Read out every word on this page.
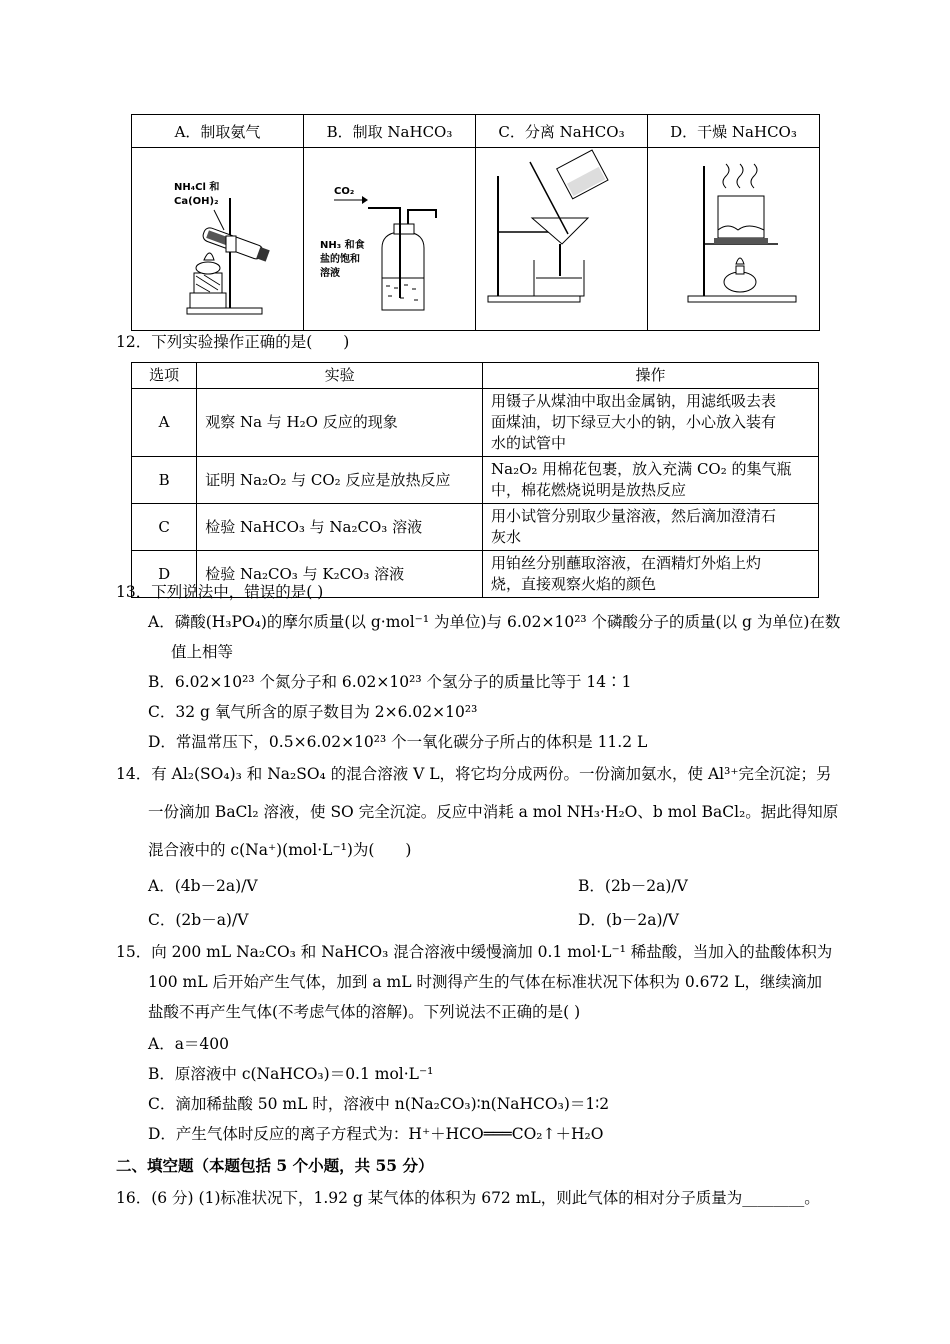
A．制取氨气	B．制取 NaHCO₃	C．分离 NaHCO₃	D．干燥 NaHCO₃

NH₄Cl 和
Ca(OH)₂	CO₂
NH₃ 和食
盐的饱和
溶液

12．下列实验操作正确的是(　　)
选项	实验	操作
A	观察 Na 与 H₂O 反应的现象	用镊子从煤油中取出金属钠，用滤纸吸去表
面煤油，切下绿豆大小的钠，小心放入装有
水的试管中

B	证明 Na₂O₂ 与 CO₂ 反应是放热反应	Na₂O₂ 用棉花包裹，放入充满 CO₂ 的集气瓶
中，棉花燃烧说明是放热反应

C	检验 NaHCO₃ 与 Na₂CO₃ 溶液	用小试管分别取少量溶液，然后滴加澄清石
灰水

D	检验 Na₂CO₃ 与 K₂CO₃ 溶液	用铂丝分别蘸取溶液，在酒精灯外焰上灼
烧，直接观察火焰的颜色
13．下列说法中，错误的是( )
A．磷酸(H₃PO₄)的摩尔质量(以 g·mol⁻¹ 为单位)与 6.02×10²³ 个磷酸分子的质量(以 g 为单位)在数
值上相等
B．6.02×10²³ 个氮分子和 6.02×10²³ 个氢分子的质量比等于 14∶1
C．32 g 氧气所含的原子数目为 2×6.02×10²³
D．常温常压下，0.5×6.02×10²³ 个一氧化碳分子所占的体积是 11.2 L
14．有 Al₂(SO₄)₃ 和 Na₂SO₄ 的混合溶液 V L，将它均分成两份。一份滴加氨水，使 Al³⁺完全沉淀；另
一份滴加 BaCl₂ 溶液，使 SO 完全沉淀。反应中消耗 a mol NH₃·H₂O、b mol BaCl₂。据此得知原
混合液中的 c(Na⁺)(mol·L⁻¹)为(　　)
A．(4b－2a)/V	B．(2b－2a)/V
C．(2b－a)/V	D．(b－2a)/V
15．向 200 mL Na₂CO₃ 和 NaHCO₃ 混合溶液中缓慢滴加 0.1 mol·L⁻¹ 稀盐酸，当加入的盐酸体积为
100 mL 后开始产生气体，加到 a mL 时测得产生的气体在标准状况下体积为 0.672 L，继续滴加
盐酸不再产生气体(不考虑气体的溶解)。下列说法不正确的是( )
A．a＝400
B．原溶液中 c(NaHCO₃)＝0.1 mol·L⁻¹
C．滴加稀盐酸 50 mL 时，溶液中 n(Na₂CO₃)∶n(NaHCO₃)＝1∶2
D．产生气体时反应的离子方程式为：H⁺＋HCO═══CO₂↑＋H₂O
二、填空题（本题包括 5 个小题，共 55 分）
16．(6 分) (1)标准状况下，1.92 g 某气体的体积为 672 mL，则此气体的相对分子质量为________。
